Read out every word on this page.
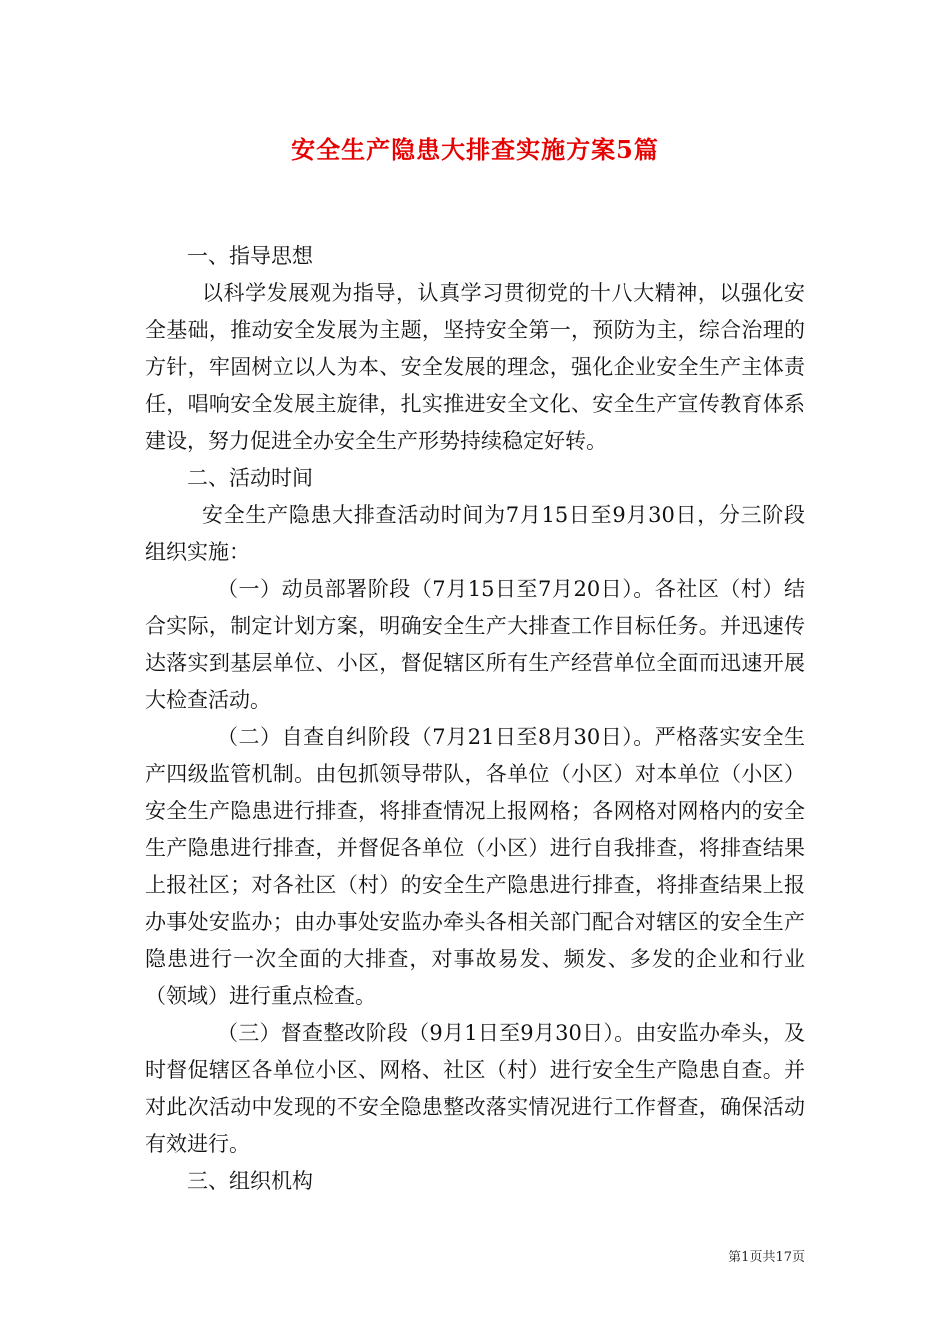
安全生产隐患大排查实施方案5篇

一、指导思想

以科学发展观为指导，认真学习贯彻党的十八大精神，以强化安全基础，推动安全发展为主题，坚持安全第一，预防为主，综合治理的方针，牢固树立以人为本、安全发展的理念，强化企业安全生产主体责任，唱响安全发展主旋律，扎实推进安全文化、安全生产宣传教育体系建设，努力促进全办安全生产形势持续稳定好转。

二、活动时间

安全生产隐患大排查活动时间为7月15日至9月30日，分三阶段组织实施：

（一）动员部署阶段（7月15日至7月20日）。各社区（村）结合实际，制定计划方案，明确安全生产大排查工作目标任务。并迅速传达落实到基层单位、小区，督促辖区所有生产经营单位全面而迅速开展大检查活动。

（二）自查自纠阶段（7月21日至8月30日）。严格落实安全生产四级监管机制。由包抓领导带队，各单位（小区）对本单位（小区）安全生产隐患进行排查，将排查情况上报网格；各网格对网格内的安全生产隐患进行排查，并督促各单位（小区）进行自我排查，将排查结果上报社区；对各社区（村）的安全生产隐患进行排查，将排查结果上报办事处安监办；由办事处安监办牵头各相关部门配合对辖区的安全生产隐患进行一次全面的大排查，对事故易发、频发、多发的企业和行业（领域）进行重点检查。

（三）督查整改阶段（9月1日至9月30日）。由安监办牵头，及时督促辖区各单位小区、网格、社区（村）进行安全生产隐患自查。并对此次活动中发现的不安全隐患整改落实情况进行工作督查，确保活动有效进行。

三、组织机构

第1页共17页
